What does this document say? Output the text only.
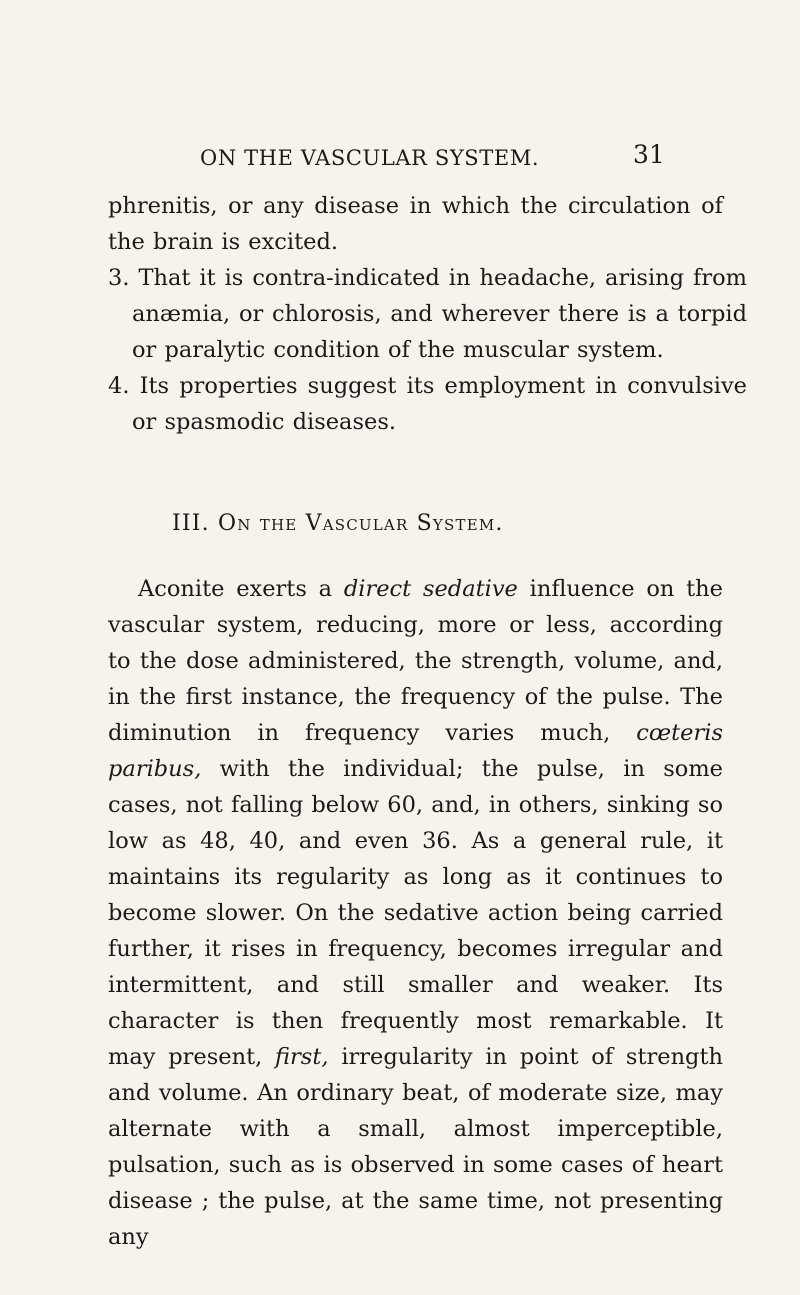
ON THE VASCULAR SYSTEM.	31

phrenitis, or any disease in which the circulation of the brain is excited.

3. That it is contra-indicated in headache, arising from anæmia, or chlorosis, and wherever there is a torpid or paralytic condition of the muscular system.

4. Its properties suggest its employment in convulsive or spasmodic diseases.

III. On the Vascular System.

Aconite exerts a direct sedative influence on the vascular system, reducing, more or less, according to the dose administered, the strength, volume, and, in the first instance, the frequency of the pulse. The diminution in frequency varies much, cœteris paribus, with the individual; the pulse, in some cases, not falling below 60, and, in others, sinking so low as 48, 40, and even 36. As a general rule, it maintains its regularity as long as it continues to become slower. On the sedative action being carried further, it rises in frequency, becomes irregular and intermittent, and still smaller and weaker. Its character is then frequently most remarkable. It may present, first, irregularity in point of strength and volume. An ordinary beat, of moderate size, may alternate with a small, almost imperceptible, pulsation, such as is observed in some cases of heart disease ; the pulse, at the same time, not presenting any
